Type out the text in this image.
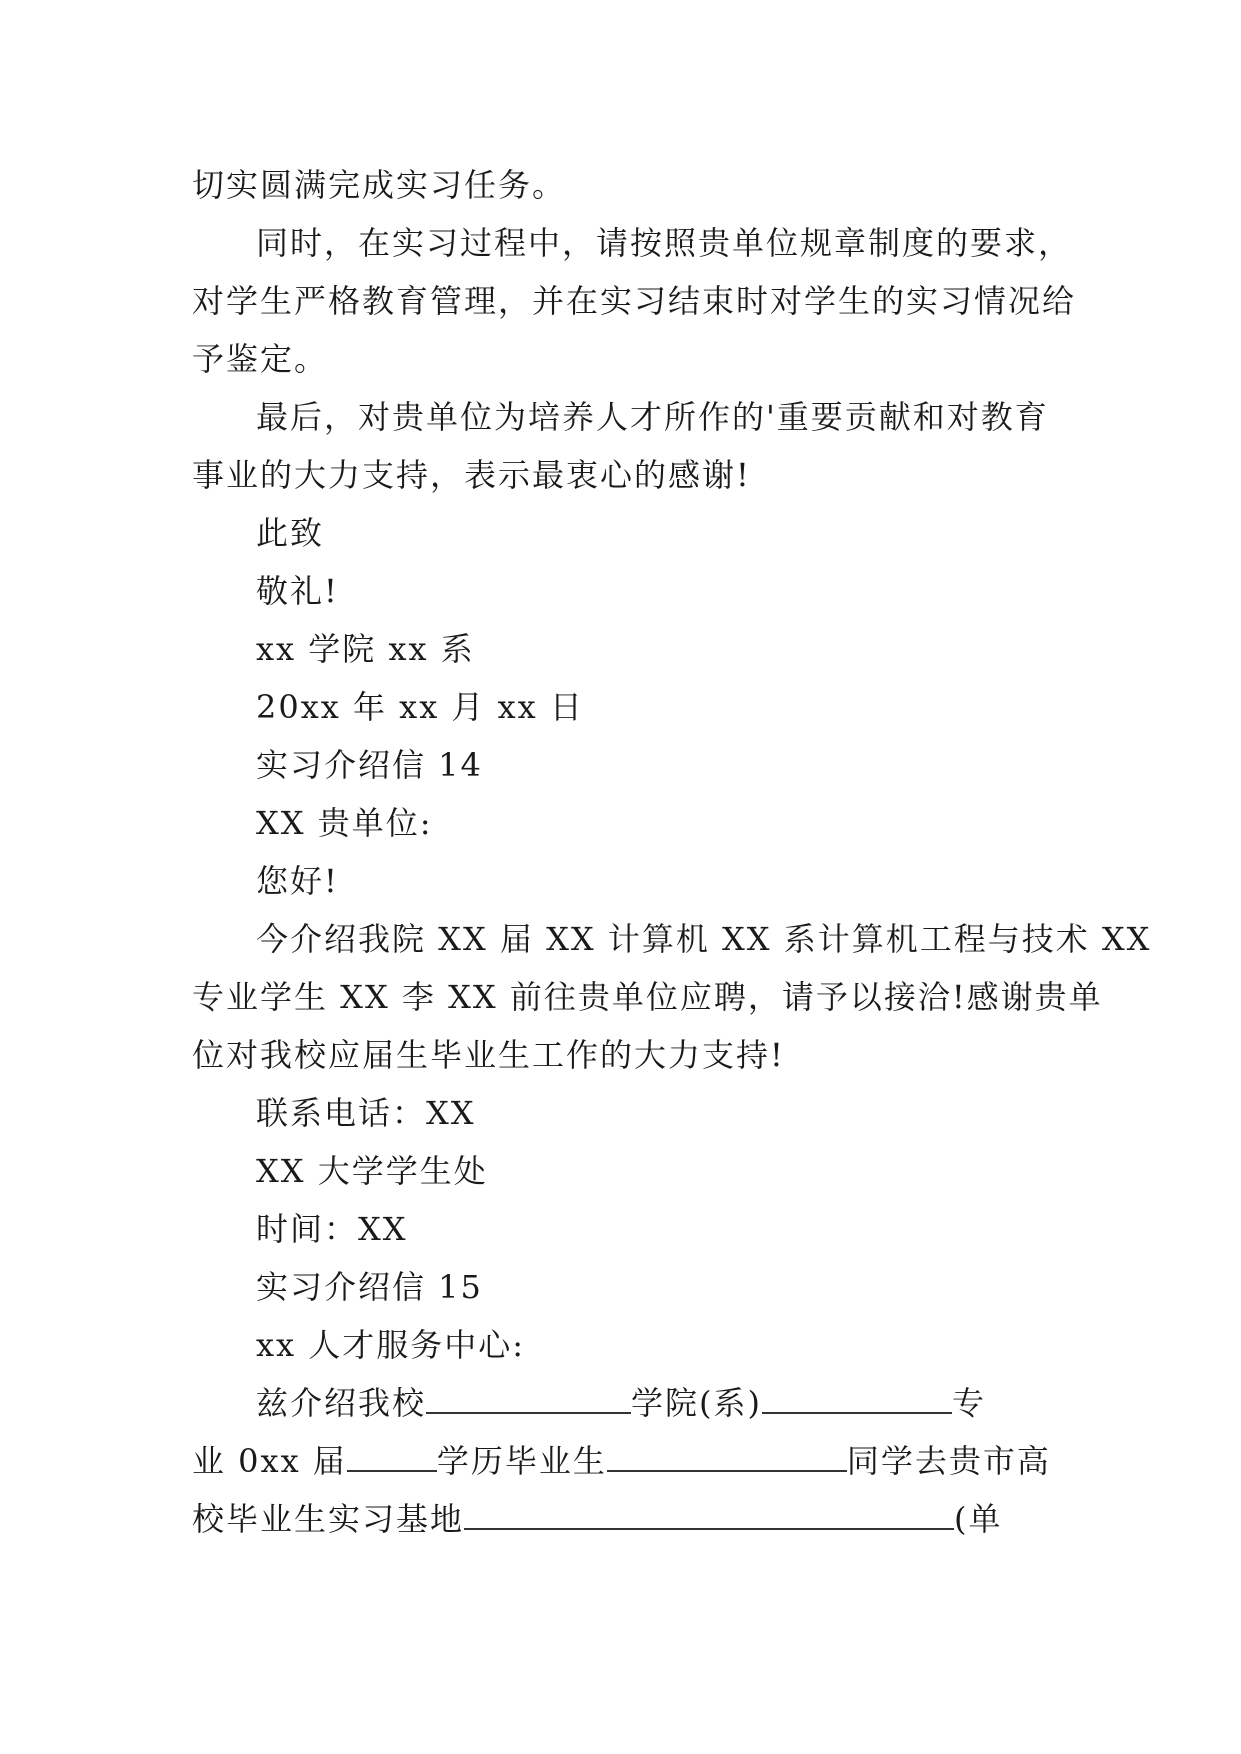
切实圆满完成实习任务。
同时，在实习过程中，请按照贵单位规章制度的要求，
对学生严格教育管理，并在实习结束时对学生的实习情况给
予鉴定。
最后，对贵单位为培养人才所作的'重要贡献和对教育
事业的大力支持，表示最衷心的感谢!
此致
敬礼!
xx 学院 xx 系
20xx 年 xx 月 xx 日
实习介绍信 14
XX 贵单位:
您好!
今介绍我院 XX 届 XX 计算机 XX 系计算机工程与技术 XX
专业学生 XX 李 XX 前往贵单位应聘，请予以接洽!感谢贵单
位对我校应届生毕业生工作的大力支持!
联系电话：XX
XX 大学学生处
时间：XX
实习介绍信 15
xx 人才服务中心:
兹介绍我校	学院(系)	专
业 0xx 届	学历毕业生	同学去贵市高
校毕业生实习基地	(单
